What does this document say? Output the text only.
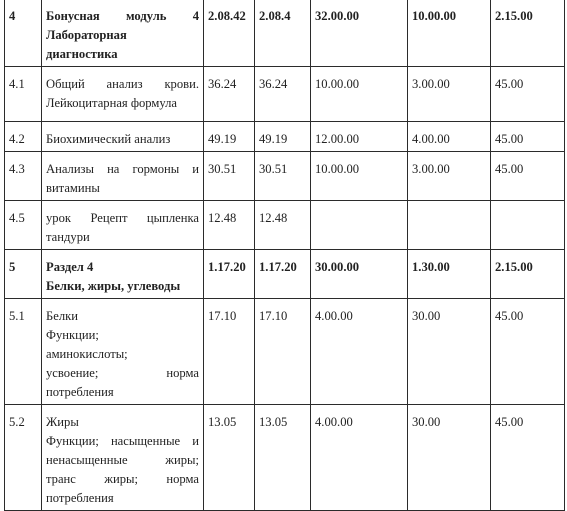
4	Бонусная модуль 4
Лабораторная
диагностика	2.08.42	2.08.4	32.00.00	10.00.00	2.15.00
4.1	Общий анализ крови.
Лейкоцитарная формула	36.24	36.24	10.00.00	3.00.00	45.00
4.2	Биохимический анализ	49.19	49.19	12.00.00	4.00.00	45.00
4.3	Анализы на гормоны и
витамины	30.51	30.51	10.00.00	3.00.00	45.00
4.5	урок Рецепт цыпленка
тандури	12.48	12.48			
5	Раздел 4
Белки, жиры, углеводы	1.17.20	1.17.20	30.00.00	1.30.00	2.15.00
5.1	Белки
Функции;
аминокислоты;
усвоение; норма
потребления	17.10	17.10	4.00.00	30.00	45.00
5.2	Жиры
Функции; насыщенные и
ненасыщенные жиры;
транс жиры; норма
потребления	13.05	13.05	4.00.00	30.00	45.00
